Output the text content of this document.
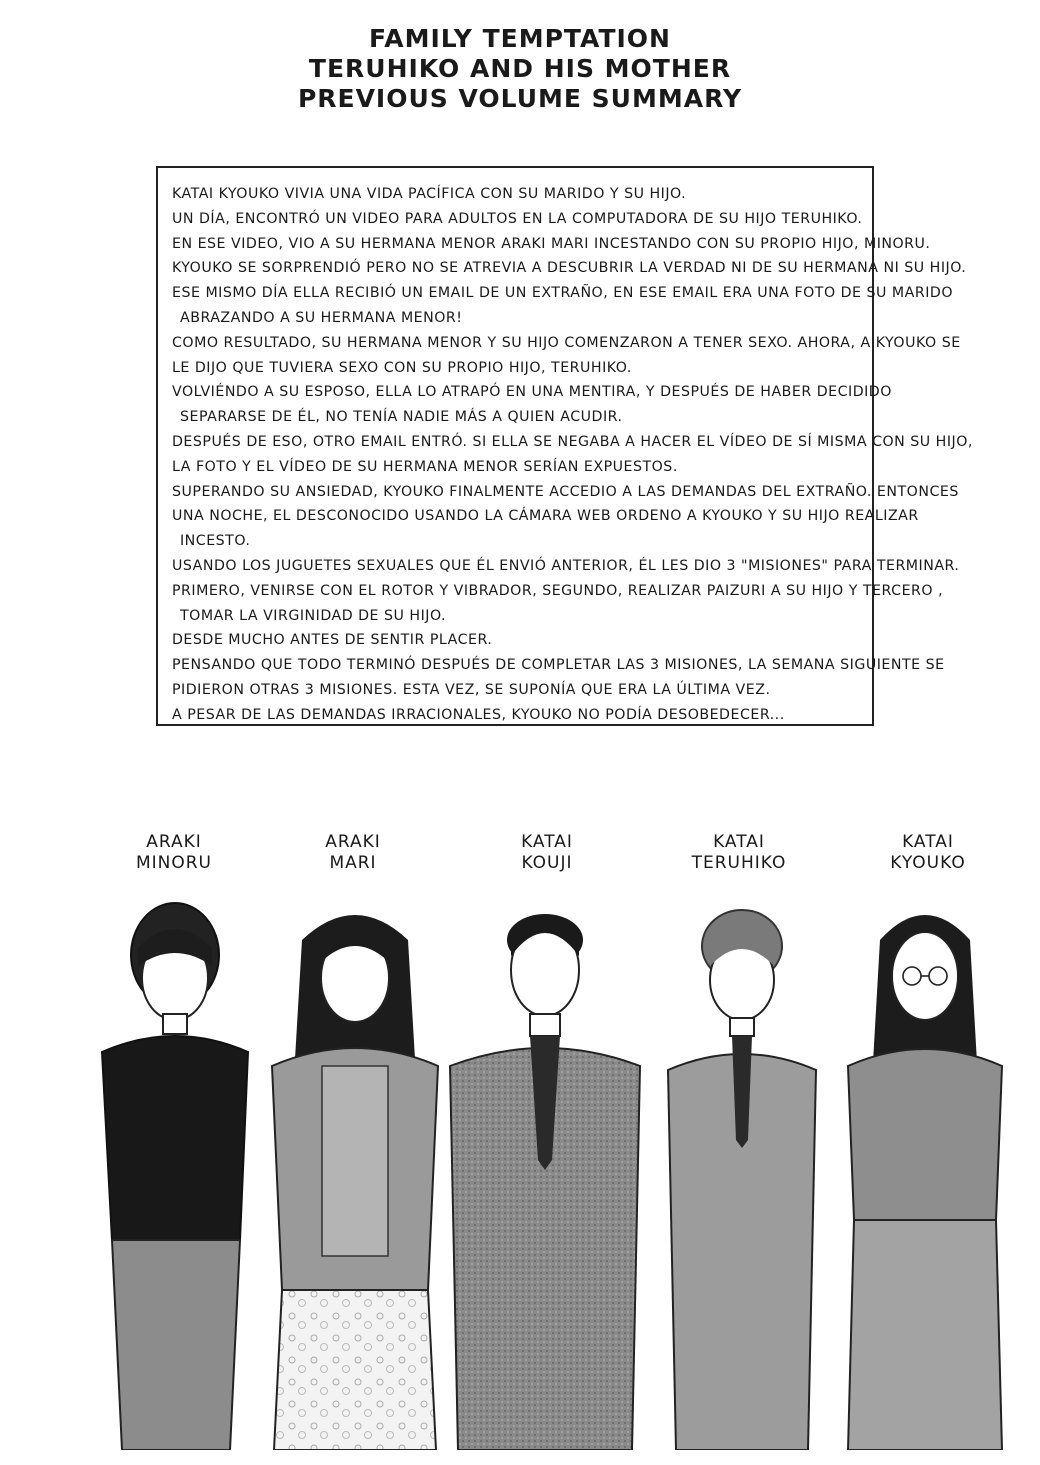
FAMILY TEMPTATION
TERUHIKO AND HIS MOTHER
PREVIOUS VOLUME SUMMARY
KATAI KYOUKO VIVIA UNA VIDA PACÍFICA CON SU MARIDO Y SU HIJO.
UN DÍA, ENCONTRÓ UN VIDEO PARA ADULTOS EN LA COMPUTADORA DE SU HIJO TERUHIKO.
EN ESE VIDEO, VIO A SU HERMANA MENOR ARAKI MARI INCESTANDO CON SU PROPIO HIJO, MINORU.
KYOUKO SE SORPRENDIÓ PERO NO SE ATREVIA A DESCUBRIR LA VERDAD NI DE SU HERMANA NI SU HIJO.
ESE MISMO DÍA ELLA RECIBIÓ UN EMAIL DE UN EXTRAÑO, EN ESE EMAIL ERA UNA FOTO DE SU MARIDO
ABRAZANDO A SU HERMANA MENOR!
COMO RESULTADO, SU HERMANA MENOR Y SU HIJO COMENZARON A TENER SEXO. AHORA, A KYOUKO SE
LE DIJO QUE TUVIERA SEXO CON SU PROPIO HIJO, TERUHIKO.
VOLVIÉNDO A SU ESPOSO, ELLA LO ATRAPÓ EN UNA MENTIRA, Y DESPUÉS DE HABER DECIDIDO
SEPARARSE DE ÉL, NO TENÍA NADIE MÁS A QUIEN ACUDIR.
DESPUÉS DE ESO, OTRO EMAIL ENTRÓ. SI ELLA SE NEGABA A HACER EL VÍDEO DE SÍ MISMA CON SU HIJO,
LA FOTO Y EL VÍDEO DE SU HERMANA MENOR SERÍAN EXPUESTOS.
SUPERANDO SU ANSIEDAD, KYOUKO FINALMENTE ACCEDIO A LAS DEMANDAS DEL EXTRAÑO. ENTONCES
UNA NOCHE, EL DESCONOCIDO USANDO LA CÁMARA WEB ORDENO A KYOUKO Y SU HIJO REALIZAR
INCESTO.
USANDO LOS JUGUETES SEXUALES QUE ÉL ENVIÓ ANTERIOR, ÉL LES DIO 3 "MISIONES" PARA TERMINAR.
PRIMERO, VENIRSE CON EL ROTOR Y VIBRADOR, SEGUNDO, REALIZAR PAIZURI A SU HIJO Y TERCERO ,
TOMAR LA VIRGINIDAD DE SU HIJO.
DESDE MUCHO ANTES DE SENTIR PLACER.
PENSANDO QUE TODO TERMINÓ DESPUÉS DE COMPLETAR LAS 3 MISIONES, LA SEMANA SIGUIENTE SE
PIDIERON OTRAS 3 MISIONES. ESTA VEZ, SE SUPONÍA QUE ERA LA ÚLTIMA VEZ.
A PESAR DE LAS DEMANDAS IRRACIONALES, KYOUKO NO PODÍA DESOBEDECER...
ARAKI
MINORU
ARAKI
MARI
KATAI
KOUJI
KATAI
TERUHIKO
KATAI
KYOUKO
